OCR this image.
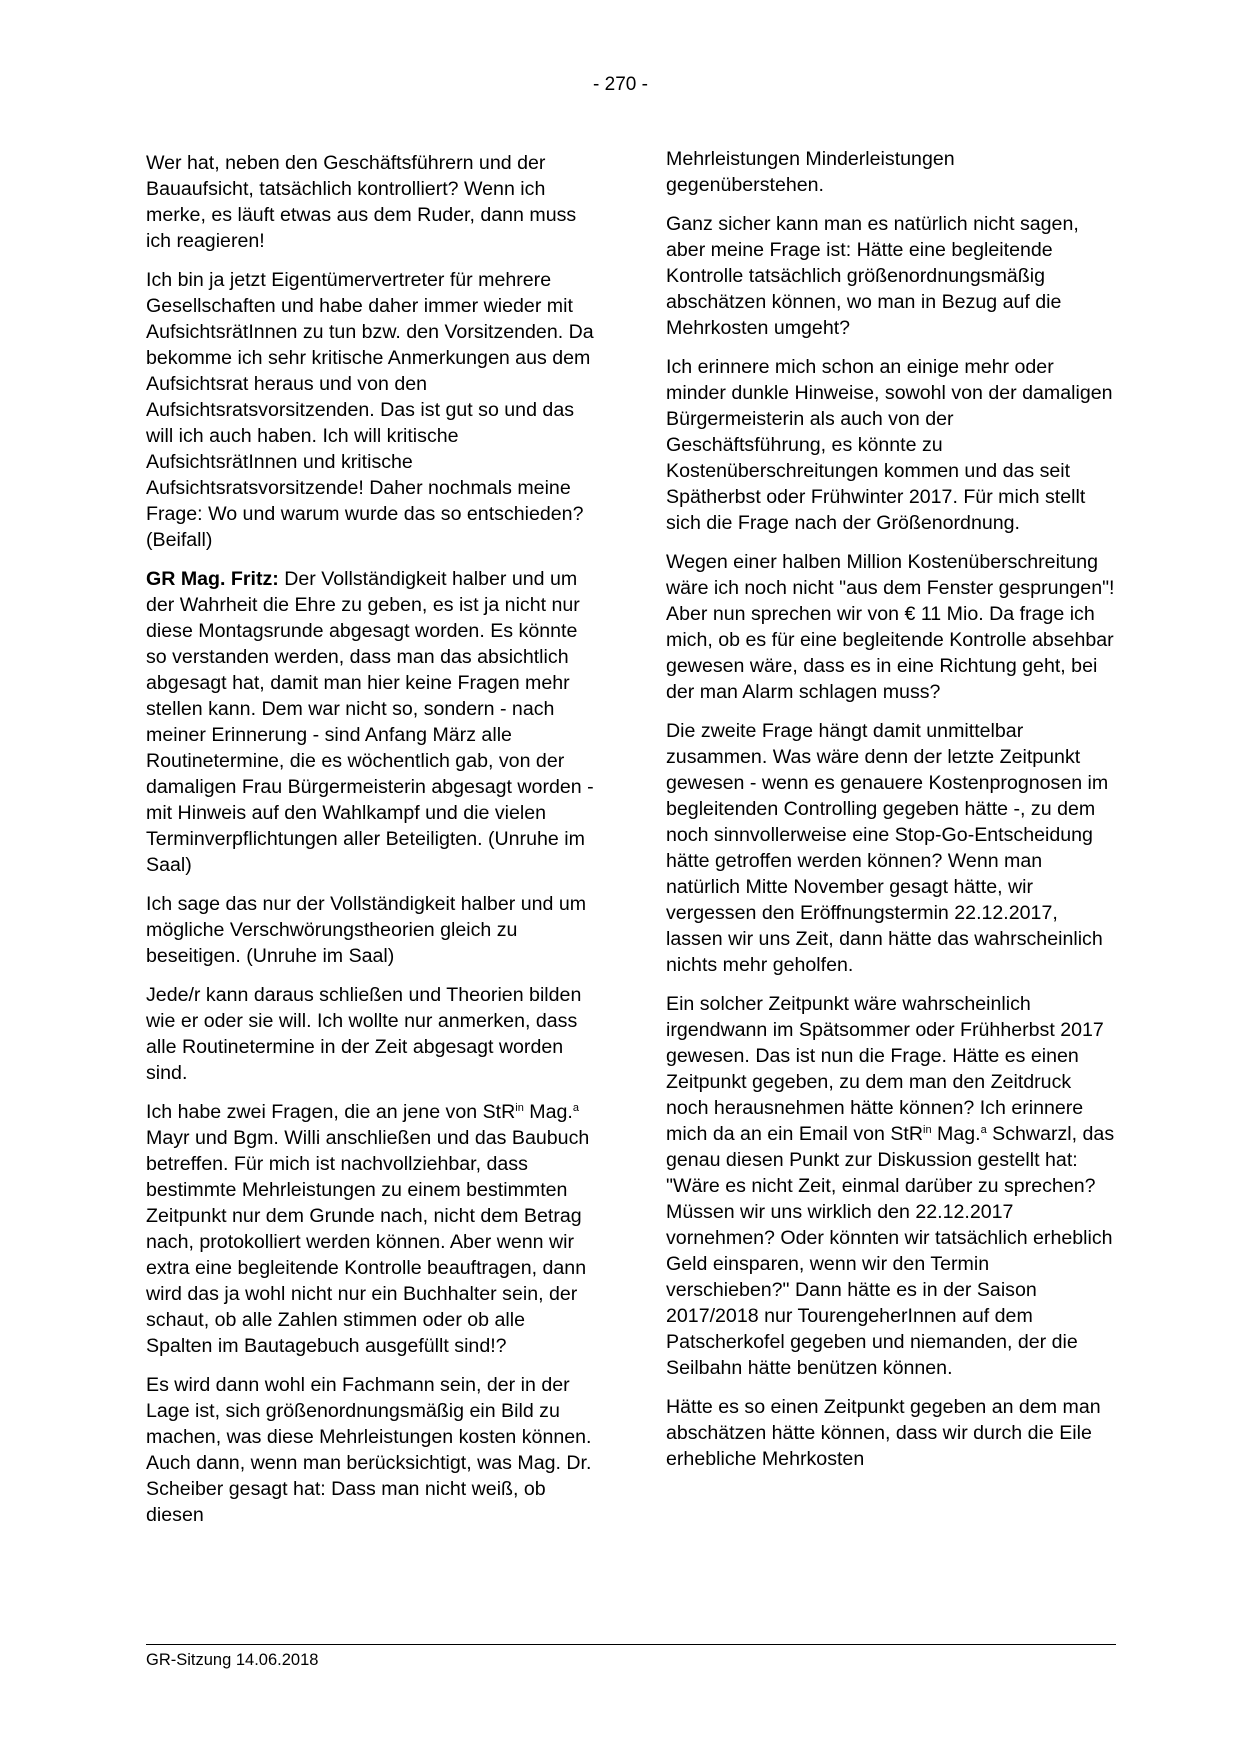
- 270 -

Wer hat, neben den Geschäftsführern und der Bauaufsicht, tatsächlich kontrolliert? Wenn ich merke, es läuft etwas aus dem Ruder, dann muss ich reagieren!

Ich bin ja jetzt Eigentümervertreter für mehrere Gesellschaften und habe daher immer wieder mit AufsichtsrätInnen zu tun bzw. den Vorsitzenden. Da bekomme ich sehr kritische Anmerkungen aus dem Aufsichtsrat heraus und von den Aufsichtsratsvorsitzenden. Das ist gut so und das will ich auch haben. Ich will kritische AufsichtsrätInnen und kritische Aufsichtsratsvorsitzende! Daher nochmals meine Frage: Wo und warum wurde das so entschieden? (Beifall)

GR Mag. Fritz: Der Vollständigkeit halber und um der Wahrheit die Ehre zu geben, es ist ja nicht nur diese Montagsrunde abgesagt worden. Es könnte so verstanden werden, dass man das absichtlich abgesagt hat, damit man hier keine Fragen mehr stellen kann. Dem war nicht so, sondern - nach meiner Erinnerung - sind Anfang März alle Routinetermine, die es wöchentlich gab, von der damaligen Frau Bürgermeisterin abgesagt worden - mit Hinweis auf den Wahlkampf und die vielen Terminverpflichtungen aller Beteiligten. (Unruhe im Saal)

Ich sage das nur der Vollständigkeit halber und um mögliche Verschwörungstheorien gleich zu beseitigen. (Unruhe im Saal)

Jede/r kann daraus schließen und Theorien bilden wie er oder sie will. Ich wollte nur anmerken, dass alle Routinetermine in der Zeit abgesagt worden sind.

Ich habe zwei Fragen, die an jene von StR$^{in}$ Mag.$^a$ Mayr und Bgm. Willi anschließen und das Baubuch betreffen. Für mich ist nachvollziehbar, dass bestimmte Mehrleistungen zu einem bestimmten Zeitpunkt nur dem Grunde nach, nicht dem Betrag nach, protokolliert werden können. Aber wenn wir extra eine begleitende Kontrolle beauftragen, dann wird das ja wohl nicht nur ein Buchhalter sein, der schaut, ob alle Zahlen stimmen oder ob alle Spalten im Bautagebuch ausgefüllt sind!?

Es wird dann wohl ein Fachmann sein, der in der Lage ist, sich größenordnungsmäßig ein Bild zu machen, was diese Mehrleistungen kosten können. Auch dann, wenn man berücksichtigt, was Mag. Dr. Scheiber gesagt hat: Dass man nicht weiß, ob diesen

Mehrleistungen Minderleistungen gegenüberstehen.

Ganz sicher kann man es natürlich nicht sagen, aber meine Frage ist: Hätte eine begleitende Kontrolle tatsächlich größenordnungsmäßig abschätzen können, wo man in Bezug auf die Mehrkosten umgeht?

Ich erinnere mich schon an einige mehr oder minder dunkle Hinweise, sowohl von der damaligen Bürgermeisterin als auch von der Geschäftsführung, es könnte zu Kostenüberschreitungen kommen und das seit Spätherbst oder Frühwinter 2017. Für mich stellt sich die Frage nach der Größenordnung.

Wegen einer halben Million Kostenüberschreitung wäre ich noch nicht "aus dem Fenster gesprungen"! Aber nun sprechen wir von € 11 Mio. Da frage ich mich, ob es für eine begleitende Kontrolle absehbar gewesen wäre, dass es in eine Richtung geht, bei der man Alarm schlagen muss?

Die zweite Frage hängt damit unmittelbar zusammen. Was wäre denn der letzte Zeitpunkt gewesen - wenn es genauere Kostenprognosen im begleitenden Controlling gegeben hätte -, zu dem noch sinnvollerweise eine Stop-Go-Entscheidung hätte getroffen werden können? Wenn man natürlich Mitte November gesagt hätte, wir vergessen den Eröffnungstermin 22.12.2017, lassen wir uns Zeit, dann hätte das wahrscheinlich nichts mehr geholfen.

Ein solcher Zeitpunkt wäre wahrscheinlich irgendwann im Spätsommer oder Frühherbst 2017 gewesen. Das ist nun die Frage. Hätte es einen Zeitpunkt gegeben, zu dem man den Zeitdruck noch herausnehmen hätte können? Ich erinnere mich da an ein Email von StR$^{in}$ Mag.$^a$ Schwarzl, das genau diesen Punkt zur Diskussion gestellt hat: "Wäre es nicht Zeit, einmal darüber zu sprechen? Müssen wir uns wirklich den 22.12.2017 vornehmen? Oder könnten wir tatsächlich erheblich Geld einsparen, wenn wir den Termin verschieben?" Dann hätte es in der Saison 2017/2018 nur TourengeherInnen auf dem Patscherkofel gegeben und niemanden, der die Seilbahn hätte benützen können.

Hätte es so einen Zeitpunkt gegeben an dem man abschätzen hätte können, dass wir durch die Eile erhebliche Mehrkosten

GR-Sitzung 14.06.2018
